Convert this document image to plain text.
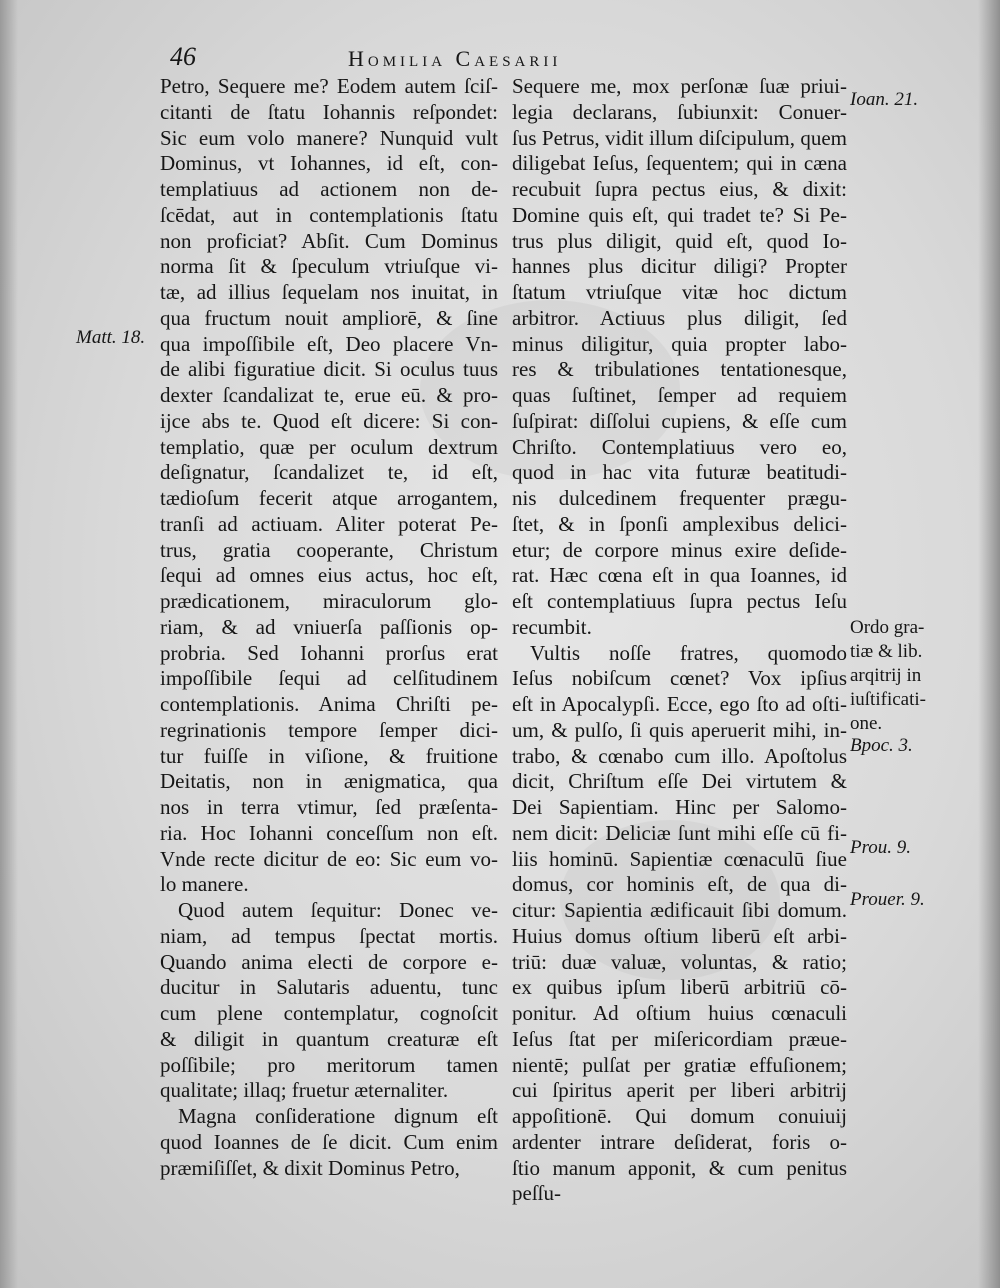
46	Homilia Caesarii
Petro, Sequere me? Eodem autem ſciſ-
citanti de ſtatu Iohannis reſpondet:
Sic eum volo manere? Nunquid vult
Dominus, vt Iohannes, id eſt, con-
templatiuus ad actionem non de-
ſcēdat, aut in contemplationis ſtatu
non proficiat? Abſit. Cum Dominus
norma ſit & ſpeculum vtriuſque vi-
tæ, ad illius ſequelam nos inuitat, in
qua fructum nouit ampliorē, & ſine
qua impoſſibile eſt, Deo placere Vn-
de alibi figuratiue dicit. Si oculus tuus
dexter ſcandalizat te, erue eū. & pro-
ijce abs te. Quod eſt dicere: Si con-
templatio, quæ per oculum dextrum
deſignatur, ſcandalizet te, id eſt,
tædioſum fecerit atque arrogantem,
tranſi ad actiuam. Aliter poterat Pe-
trus, gratia cooperante, Christum
ſequi ad omnes eius actus, hoc eſt,
prædicationem, miraculorum glo-
riam, & ad vniuerſa paſſionis op-
probria. Sed Iohanni prorſus erat
impoſſibile ſequi ad celſitudinem
contemplationis. Anima Chriſti pe-
regrinationis tempore ſemper dici-
tur fuiſſe in viſione, & fruitione
Deitatis, non in ænigmatica, qua
nos in terra vtimur, ſed præſenta-
ria. Hoc Iohanni conceſſum non eſt.
Vnde recte dicitur de eo: Sic eum vo-
lo manere.
Quod autem ſequitur: Donec ve-
niam, ad tempus ſpectat mortis.
Quando anima electi de corpore e-
ducitur in Salutaris aduentu, tunc
cum plene contemplatur, cognoſcit
& diligit in quantum creaturæ eſt
poſſibile; pro meritorum tamen
qualitate; illaq; fruetur æternaliter.
Magna conſideratione dignum eſt
quod Ioannes de ſe dicit. Cum enim
præmiſiſſet, & dixit Dominus Petro,
Sequere me, mox perſonæ ſuæ priui-
legia declarans, ſubiunxit: Conuer-
ſus Petrus, vidit illum diſcipulum, quem
diligebat Ieſus, ſequentem; qui in cæna
recubuit ſupra pectus eius, & dixit:
Domine quis eſt, qui tradet te? Si Pe-
trus plus diligit, quid eſt, quod Io-
hannes plus dicitur diligi? Propter
ſtatum vtriuſque vitæ hoc dictum
arbitror. Actiuus plus diligit, ſed
minus diligitur, quia propter labo-
res & tribulationes tentationesque,
quas ſuſtinet, ſemper ad requiem
ſuſpirat: diſſolui cupiens, & eſſe cum
Chriſto. Contemplatiuus vero eo,
quod in hac vita futuræ beatitudi-
nis dulcedinem frequenter prægu-
ſtet, & in ſponſi amplexibus delici-
etur; de corpore minus exire deſide-
rat. Hæc cœna eſt in qua Ioannes, id
eſt contemplatiuus ſupra pectus Ieſu
recumbit.
Vultis noſſe fratres, quomodo
Ieſus nobiſcum cœnet? Vox ipſius
eſt in Apocalypſi. Ecce, ego ſto ad oſti-
um, & pulſo, ſi quis aperuerit mihi, in-
trabo, & cœnabo cum illo. Apoſtolus
dicit, Chriſtum eſſe Dei virtutem &
Dei Sapientiam. Hinc per Salomo-
nem dicit: Deliciæ ſunt mihi eſſe cū fi-
liis hominū. Sapientiæ cœnaculū ſiue
domus, cor hominis eſt, de qua di-
citur: Sapientia ædificauit ſibi domum.
Huius domus oſtium liberū eſt arbi-
triū: duæ valuæ, voluntas, & ratio;
ex quibus ipſum liberū arbitriū cō-
ponitur. Ad oſtium huius cœnaculi
Ieſus ſtat per miſericordiam præue-
nientē; pulſat per gratiæ effuſionem;
cui ſpiritus aperit per liberi arbitrij
appoſitionē. Qui domum conuiuij
ardenter intrare deſiderat, foris o-
ſtio manum apponit, & cum penitus
peſſu-
Matt. 18.
Ioan. 21.
Ordo gra-
tiæ & lib.
arqitrij in
iuſtificati-
one.
Bpoc. 3.
Prou. 9.
Prouer. 9.
